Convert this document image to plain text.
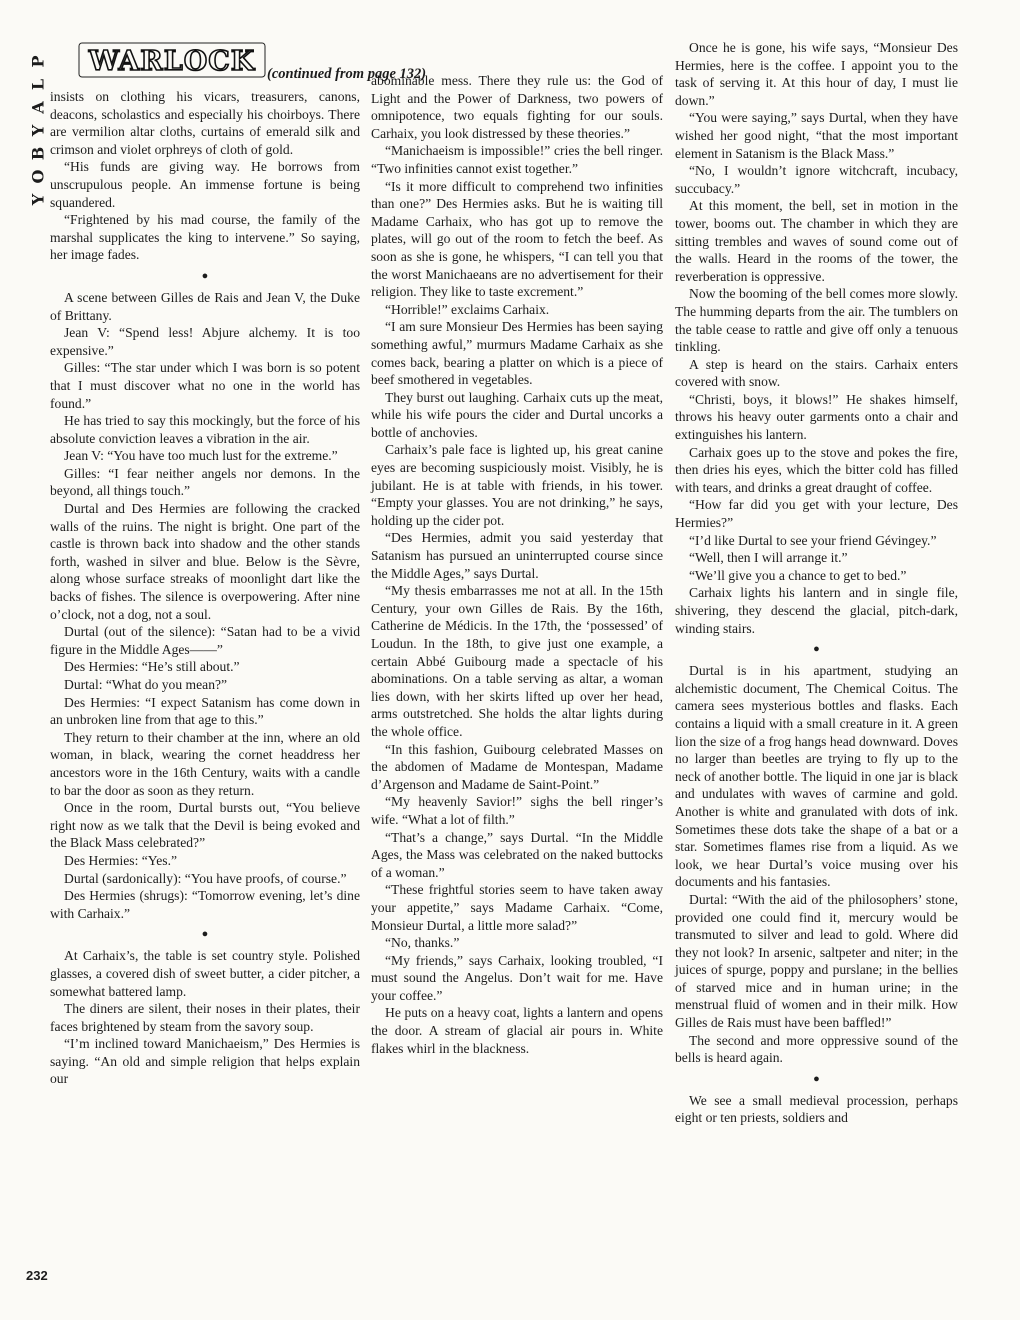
P
L
A
Y
B
O
Y
WARLOCK (continued from page 132)

insists on clothing his vicars, treasurers, canons, deacons, scholastics and especially his choirboys. There are vermilion altar cloths, curtains of emerald silk and crimson and violet orphreys of cloth of gold.

“His funds are giving way. He borrows from unscrupulous people. An immense fortune is being squandered.

“Frightened by his mad course, the family of the marshal supplicates the king to intervene.” So saying, her image fades.

●

A scene between Gilles de Rais and Jean V, the Duke of Brittany.

Jean V: “Spend less! Abjure alchemy. It is too expensive.”

Gilles: “The star under which I was born is so potent that I must discover what no one in the world has found.”

He has tried to say this mockingly, but the force of his absolute conviction leaves a vibration in the air.

Jean V: “You have too much lust for the extreme.”

Gilles: “I fear neither angels nor demons. In the beyond, all things touch.”

Durtal and Des Hermies are following the cracked walls of the ruins. The night is bright. One part of the castle is thrown back into shadow and the other stands forth, washed in silver and blue. Below is the Sèvre, along whose surface streaks of moonlight dart like the backs of fishes. The silence is overpowering. After nine o’clock, not a dog, not a soul.

Durtal (out of the silence): “Satan had to be a vivid figure in the Middle Ages——”

Des Hermies: “He’s still about.”

Durtal: “What do you mean?”

Des Hermies: “I expect Satanism has come down in an unbroken line from that age to this.”

They return to their chamber at the inn, where an old woman, in black, wearing the cornet headdress her ancestors wore in the 16th Century, waits with a candle to bar the door as soon as they return.

Once in the room, Durtal bursts out, “You believe right now as we talk that the Devil is being evoked and the Black Mass celebrated?”

Des Hermies: “Yes.”

Durtal (sardonically): “You have proofs, of course.”

Des Hermies (shrugs): “Tomorrow evening, let’s dine with Carhaix.”

●

At Carhaix’s, the table is set country style. Polished glasses, a covered dish of sweet butter, a cider pitcher, a somewhat battered lamp.

The diners are silent, their noses in their plates, their faces brightened by steam from the savory soup.

“I’m inclined toward Manichaeism,” Des Hermies is saying. “An old and simple religion that helps explain our

abominable mess. There they rule us: the God of Light and the Power of Darkness, two powers of omnipotence, two equals fighting for our souls. Carhaix, you look distressed by these theories.”

“Manichaeism is impossible!” cries the bell ringer. “Two infinities cannot exist together.”

“Is it more difficult to comprehend two infinities than one?” Des Hermies asks. But he is waiting till Madame Carhaix, who has got up to remove the plates, will go out of the room to fetch the beef. As soon as she is gone, he whispers, “I can tell you that the worst Manichaeans are no advertisement for their religion. They like to taste excrement.”

“Horrible!” exclaims Carhaix.

“I am sure Monsieur Des Hermies has been saying something awful,” murmurs Madame Carhaix as she comes back, bearing a platter on which is a piece of beef smothered in vegetables.

They burst out laughing. Carhaix cuts up the meat, while his wife pours the cider and Durtal uncorks a bottle of anchovies.

Carhaix’s pale face is lighted up, his great canine eyes are becoming suspiciously moist. Visibly, he is jubilant. He is at table with friends, in his tower. “Empty your glasses. You are not drinking,” he says, holding up the cider pot.

“Des Hermies, admit you said yesterday that Satanism has pursued an uninterrupted course since the Middle Ages,” says Durtal.

“My thesis embarrasses me not at all. In the 15th Century, your own Gilles de Rais. By the 16th, Catherine de Médicis. In the 17th, the ‘possessed’ of Loudun. In the 18th, to give just one example, a certain Abbé Guibourg made a spectacle of his abominations. On a table serving as altar, a woman lies down, with her skirts lifted up over her head, arms outstretched. She holds the altar lights during the whole office.

“In this fashion, Guibourg celebrated Masses on the abdomen of Madame de Montespan, Madame d’Argenson and Madame de Saint-Point.”

“My heavenly Savior!” sighs the bell ringer’s wife. “What a lot of filth.”

“That’s a change,” says Durtal. “In the Middle Ages, the Mass was celebrated on the naked buttocks of a woman.”

“These frightful stories seem to have taken away your appetite,” says Madame Carhaix. “Come, Monsieur Durtal, a little more salad?”

“No, thanks.”

“My friends,” says Carhaix, looking troubled, “I must sound the Angelus. Don’t wait for me. Have your coffee.”

He puts on a heavy coat, lights a lantern and opens the door. A stream of glacial air pours in. White flakes whirl in the blackness.

Once he is gone, his wife says, “Monsieur Des Hermies, here is the coffee. I appoint you to the task of serving it. At this hour of day, I must lie down.”

“You were saying,” says Durtal, when they have wished her good night, “that the most important element in Satanism is the Black Mass.”

“No, I wouldn’t ignore witchcraft, incubacy, succubacy.”

At this moment, the bell, set in motion in the tower, booms out. The chamber in which they are sitting trembles and waves of sound come out of the walls. Heard in the rooms of the tower, the reverberation is oppressive.

Now the booming of the bell comes more slowly. The humming departs from the air. The tumblers on the table cease to rattle and give off only a tenuous tinkling.

A step is heard on the stairs. Carhaix enters covered with snow.

“Christi, boys, it blows!” He shakes himself, throws his heavy outer garments onto a chair and extinguishes his lantern.

Carhaix goes up to the stove and pokes the fire, then dries his eyes, which the bitter cold has filled with tears, and drinks a great draught of coffee.

“How far did you get with your lecture, Des Hermies?”

“I’d like Durtal to see your friend Gévingey.”

“Well, then I will arrange it.”

“We’ll give you a chance to get to bed.”

Carhaix lights his lantern and in single file, shivering, they descend the glacial, pitch-dark, winding stairs.

●

Durtal is in his apartment, studying an alchemistic document, The Chemical Coitus. The camera sees mysterious bottles and flasks. Each contains a liquid with a small creature in it. A green lion the size of a frog hangs head downward. Doves no larger than beetles are trying to fly up to the neck of another bottle. The liquid in one jar is black and undulates with waves of carmine and gold. Another is white and granulated with dots of ink. Sometimes these dots take the shape of a bat or a star. Sometimes flames rise from a liquid. As we look, we hear Durtal’s voice musing over his documents and his fantasies.

Durtal: “With the aid of the philosophers’ stone, provided one could find it, mercury would be transmuted to silver and lead to gold. Where did they not look? In arsenic, saltpeter and niter; in the juices of spurge, poppy and purslane; in the bellies of starved mice and in human urine; in the menstrual fluid of women and in their milk. How Gilles de Rais must have been baffled!”

The second and more oppressive sound of the bells is heard again.

●

We see a small medieval procession, perhaps eight or ten priests, soldiers and

232
